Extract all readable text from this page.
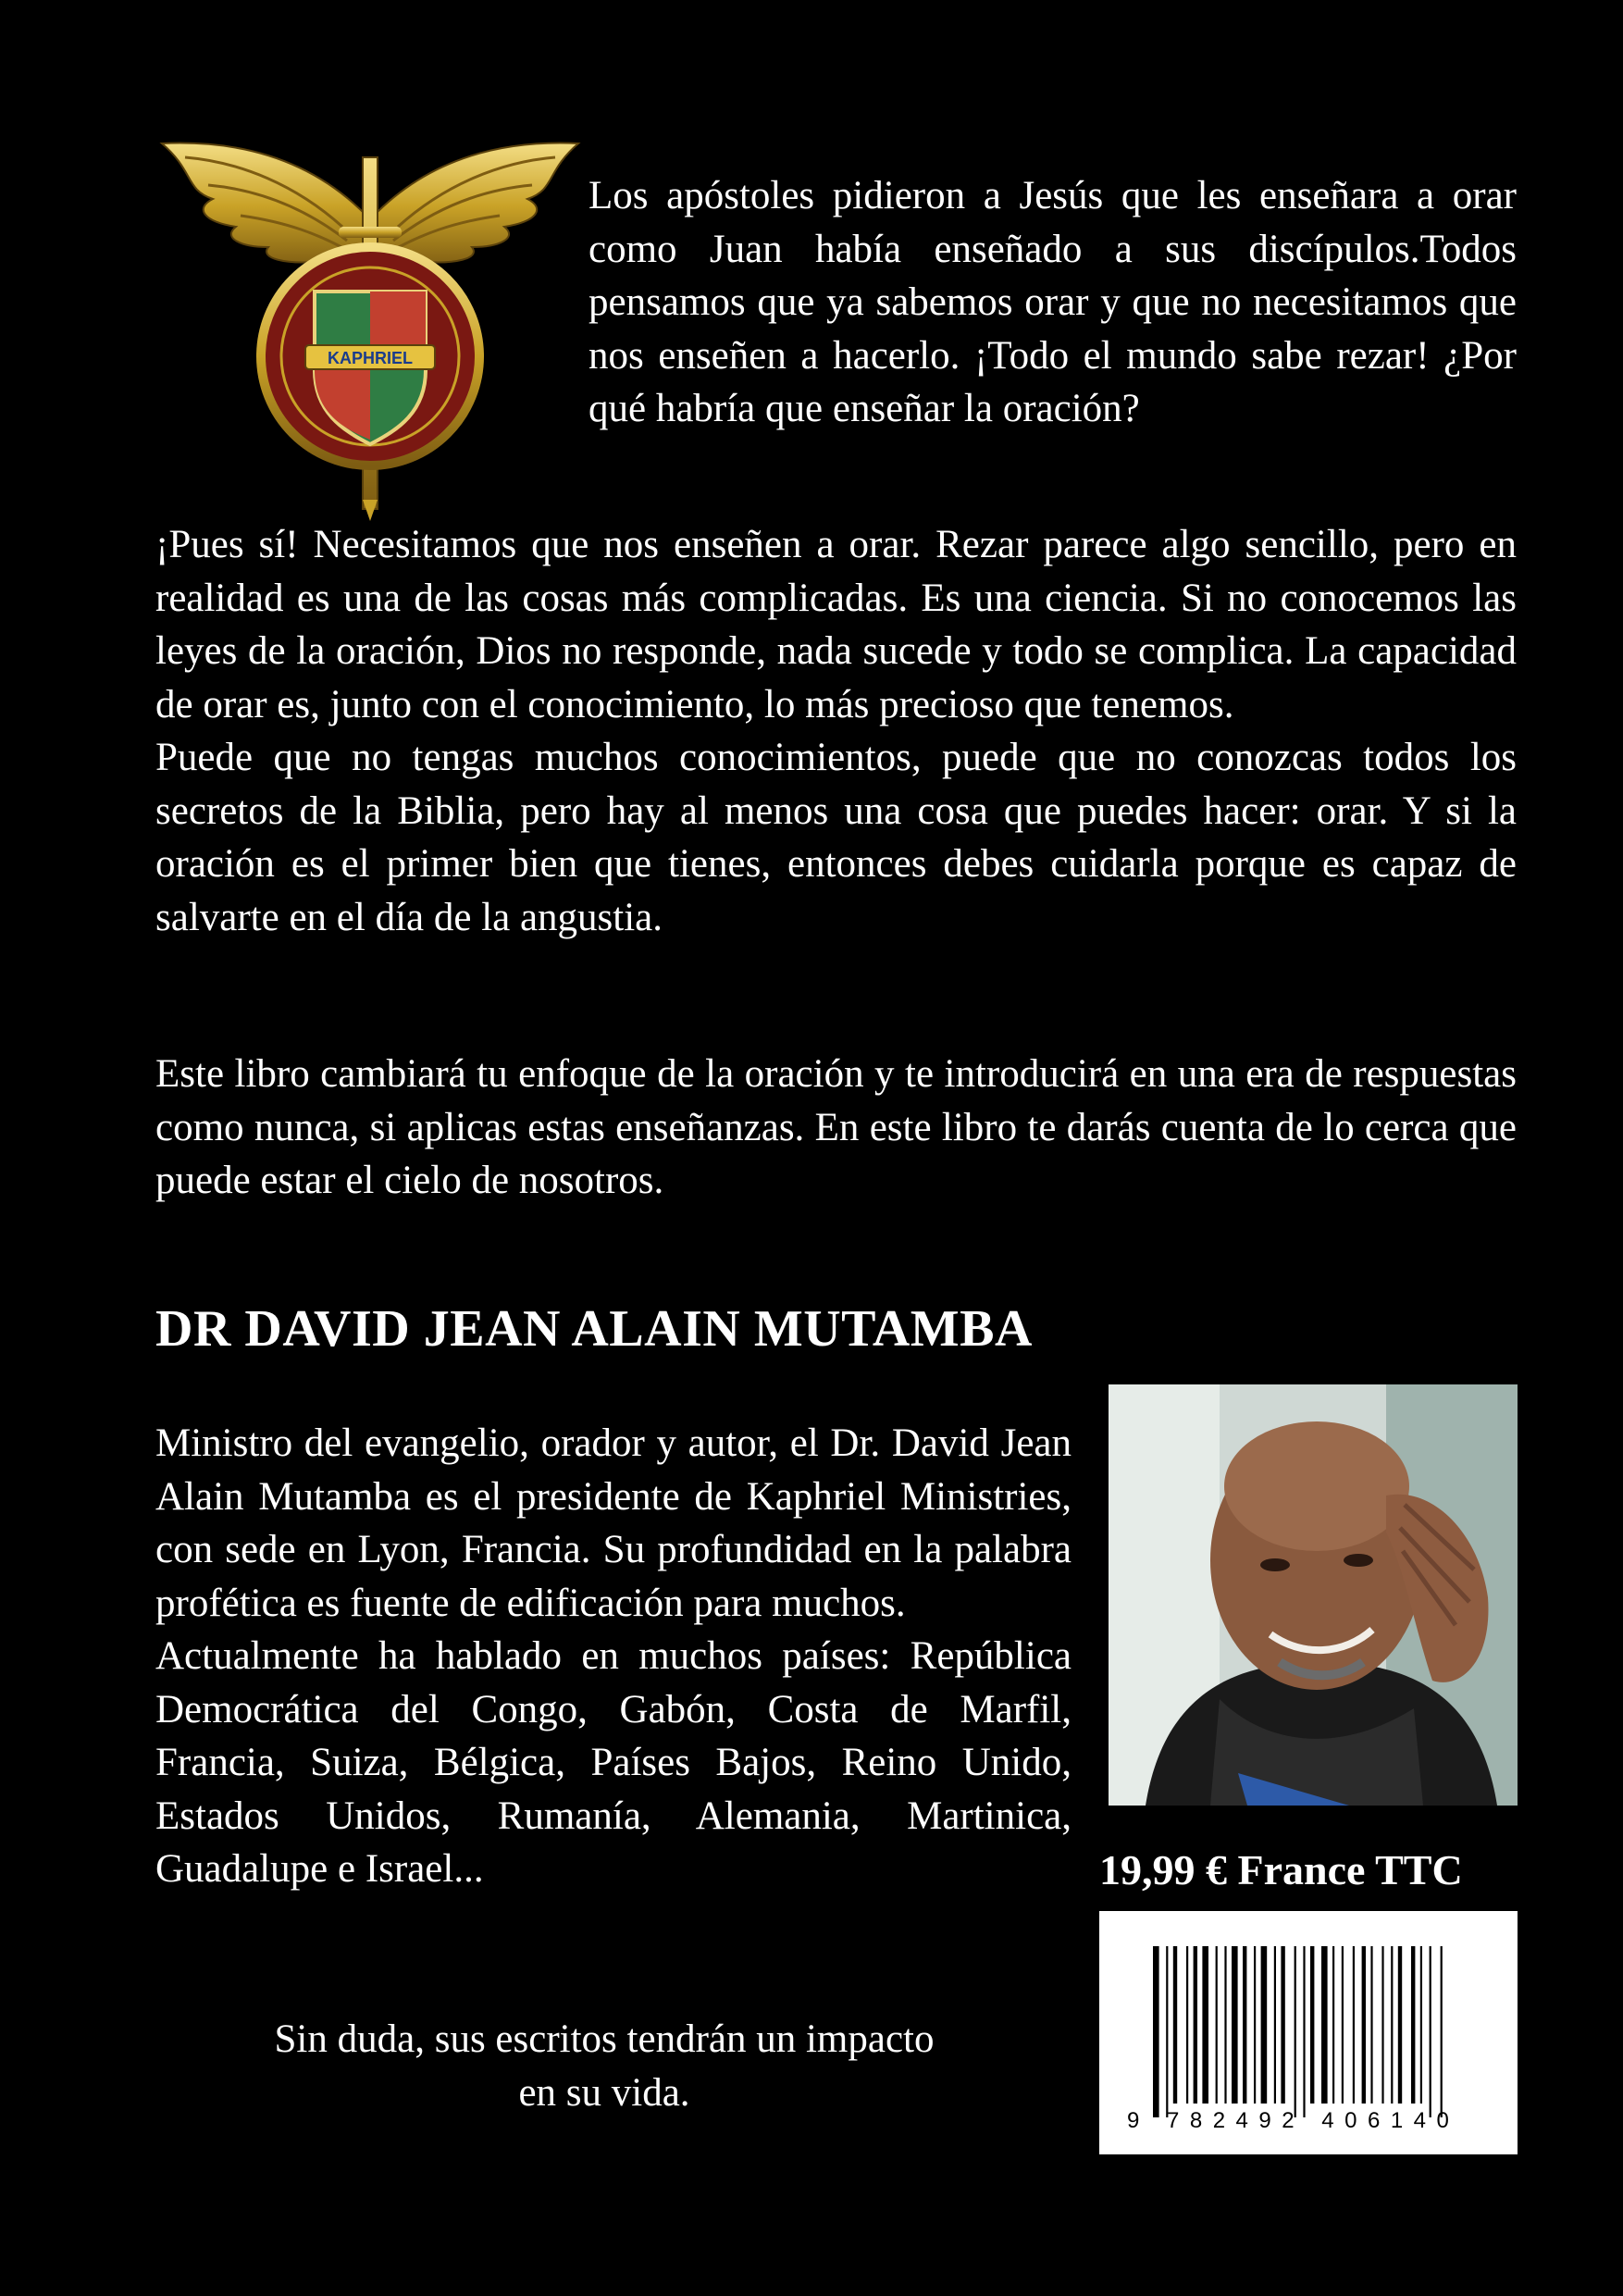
KAPHRIEL

Los apóstoles pidieron a Jesús que les enseñara a orar como Juan había enseñado a sus discípulos.Todos pensamos que ya sabemos orar y que no necesitamos que nos enseñen a hacerlo. ¡Todo el mundo sabe rezar! ¿Por qué habría que enseñar la oración?

¡Pues sí! Necesitamos que nos enseñen a orar. Rezar parece algo sencillo, pero en realidad es una de las cosas más complicadas. Es una ciencia. Si no conocemos las leyes de la oración, Dios no responde, nada sucede y todo se complica. La capacidad de orar es, junto con el conocimiento, lo más precioso que tenemos.

Puede que no tengas muchos conocimientos, puede que no conozcas todos los secretos de la Biblia, pero hay al menos una cosa que puedes hacer: orar. Y si la oración es el primer bien que tienes, entonces debes cuidarla porque es capaz de salvarte en el día de la angustia.

Este libro cambiará tu enfoque de la oración y te introducirá en una era de respuestas como nunca, si aplicas estas enseñanzas. En este libro te darás cuenta de lo cerca que puede estar el cielo de nosotros.

DR DAVID JEAN ALAIN MUTAMBA

Ministro del evangelio, orador y autor, el Dr. David Jean Alain Mutamba es el presidente de Kaphriel Ministries, con sede en Lyon, Francia. Su profundidad en la palabra profética es fuente de edificación para muchos.

Actualmente ha hablado en muchos países: República Democrática del Congo, Gabón, Costa de Marfil, Francia, Suiza, Bélgica, Países Bajos, Reino Unido, Estados Unidos, Rumanía, Alemania, Martinica, Guadalupe e Israel...

Sin duda, sus escritos tendrán un impacto
en su vida.
19,99 € France TTC
9 782492 406140
